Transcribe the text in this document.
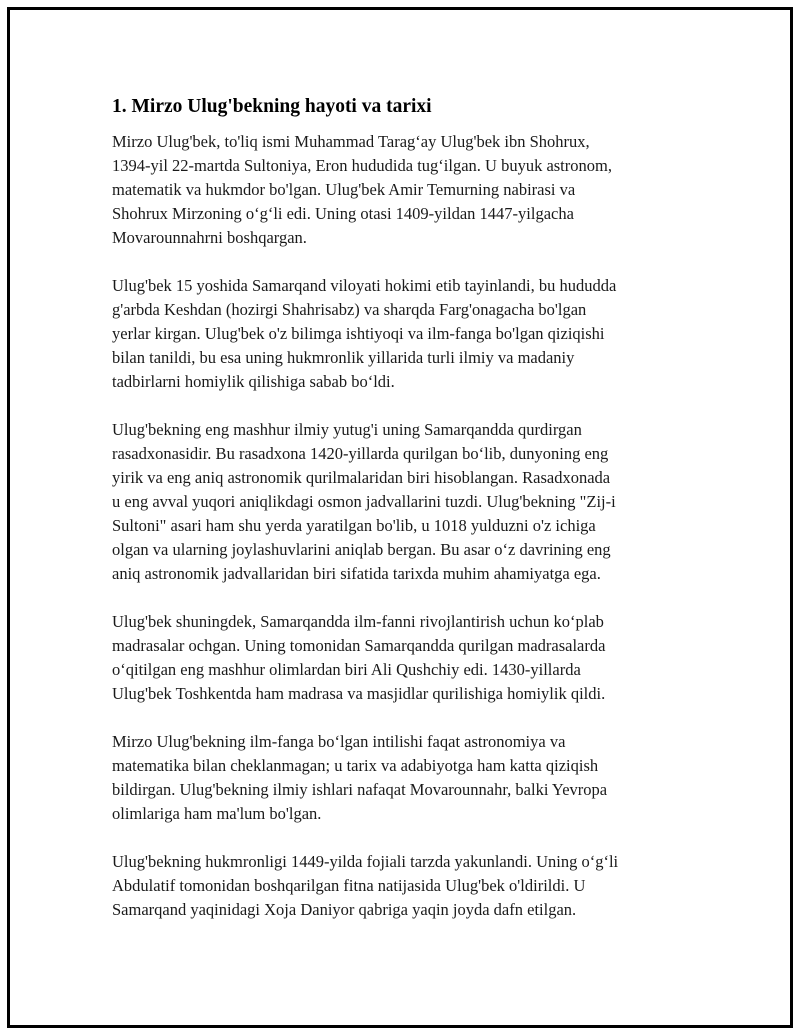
1. Mirzo Ulug'bekning hayoti va tarixi

Mirzo Ulug'bek, to'liq ismi Muhammad Taragʻay Ulug'bek ibn Shohrux,
1394-yil 22-martda Sultoniya, Eron hududida tugʻilgan. U buyuk astronom,
matematik va hukmdor bo'lgan. Ulug'bek Amir Temurning nabirasi va
Shohrux Mirzoning oʻgʻli edi. Uning otasi 1409-yildan 1447-yilgacha
Movarounnahrni boshqargan.

Ulug'bek 15 yoshida Samarqand viloyati hokimi etib tayinlandi, bu hududda
g'arbda Keshdan (hozirgi Shahrisabz) va sharqda Farg'onagacha bo'lgan
yerlar kirgan. Ulug'bek o'z bilimga ishtiyoqi va ilm-fanga bo'lgan qiziqishi
bilan tanildi, bu esa uning hukmronlik yillarida turli ilmiy va madaniy
tadbirlarni homiylik qilishiga sabab boʻldi.

Ulug'bekning eng mashhur ilmiy yutug'i uning Samarqandda qurdirgan
rasadxonasidir. Bu rasadxona 1420-yillarda qurilgan boʻlib, dunyoning eng
yirik va eng aniq astronomik qurilmalaridan biri hisoblangan. Rasadxonada
u eng avval yuqori aniqlikdagi osmon jadvallarini tuzdi. Ulug'bekning "Zij-i
Sultoni" asari ham shu yerda yaratilgan bo'lib, u 1018 yulduzni o'z ichiga
olgan va ularning joylashuvlarini aniqlab bergan. Bu asar oʻz davrining eng
aniq astronomik jadvallaridan biri sifatida tarixda muhim ahamiyatga ega.

Ulug'bek shuningdek, Samarqandda ilm-fanni rivojlantirish uchun koʻplab
madrasalar ochgan. Uning tomonidan Samarqandda qurilgan madrasalarda
oʻqitilgan eng mashhur olimlardan biri Ali Qushchiy edi. 1430-yillarda
Ulug'bek Toshkentda ham madrasa va masjidlar qurilishiga homiylik qildi.

Mirzo Ulug'bekning ilm-fanga boʻlgan intilishi faqat astronomiya va
matematika bilan cheklanmagan; u tarix va adabiyotga ham katta qiziqish
bildirgan. Ulug'bekning ilmiy ishlari nafaqat Movarounnahr, balki Yevropa
olimlariga ham ma'lum bo'lgan.

Ulug'bekning hukmronligi 1449-yilda fojiali tarzda yakunlandi. Uning oʻgʻli
Abdulatif tomonidan boshqarilgan fitna natijasida Ulug'bek o'ldirildi. U
Samarqand yaqinidagi Xoja Daniyor qabriga yaqin joyda dafn etilgan.
